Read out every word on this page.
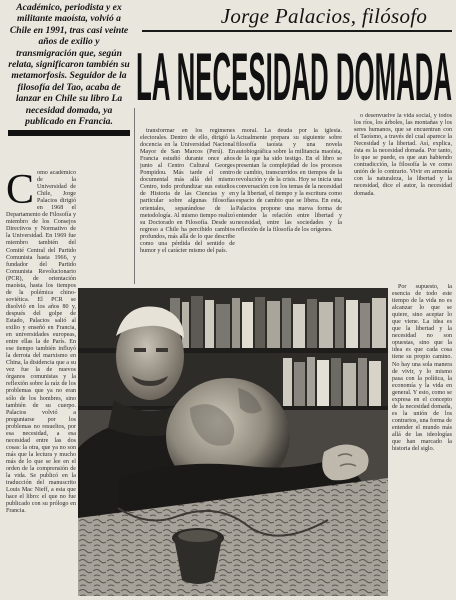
Académico, periodista y ex militante maoísta, volvió a Chile en 1991, tras casi veinte años de exilio y transmigración que, según relata, significaron también su metamorfosis. Seguidor de la filosofía del Tao, acaba de lanzar en Chile su libro La necesidad domada, ya publicado en Francia.
Jorge Palacios, filósofo
LA NECESIDAD DOMADA
C omo académico de la Universidad de Chile, Jorge Palacios dirigió en 1968 el Departamento de Filosofía y miembro de los Consejos Directivos y Normativo de la Universidad. En 1969 fue miembro también del Comité Central del Partido Comunista hasta 1966, y fundador del Partido Comunista Revolucionario (PCR), de orientación maoísta, hasta los tiempos de la polémica chino-soviética. El PCR se disolvió en los años 80 y, después del golpe de Estado, Palacios salió al exilio y enseñó en Francia, en universidades europeas, entre ellas la de París. En ese tiempo también influyó la derrota del marxismo en China, la disidencia que a su vez fue la de nuevos órganos comunistas y la reflexión sobre la raíz de los problemas que ya no eran sólo de los hombres, sino también de su cuerpo. Palacios volvió a preguntarse por los problemas no resueltos, por esa necesidad, a esa necesidad entre las dos cosas: la otra, que ya no son más que la lectura y mucho más de lo que se lee en el orden de la comprensión de la vida. Se publicó en la traducción del manuscrito Louis Mac Nieff, a esta que hace el libro: el que no fue publicado con su prólogo en Francia.

transformar en los regímenes electorales. Dentro de ello, dirigió la docencia en la Universidad Nacional Mayor de San Marcos (Perú). En Francia estudió durante once años junto al Centro Cultural Georges Pompidou. Más tarde el centro documental más allá del mismo Centro, todo profundizar sus estudios de Historia de las Ciencias y en particular sobre algunas filosofías orientales, separándose de la metodología. Al mismo tiempo realizó su Doctorado en Filosofía. Desde su regreso a Chile ha percibido cambios profundos, más allá de lo que describe como una pérdida del sentido de humor y el carácter mismo del país.

moral. La deuda por la iglesia. Actualmente prepara su siguiente sobre filosofía taoísta y una novela autobiográfica sobre la militancia maoísta, de la que ha sido testigo. En el libro se presentan la complejidad de los procesos de cambio, transcurridos en tiempos de la revolución y de la crisis. Hoy se inicia una conversación con los temas de la necesidad y la libertad, el tiempo y la escritura como espacio de cambio que se libera. En esta, Palacios propone una nueva forma de entender la relación entre libertad y necesidad, entre las sociedades y la reflexión de la filosofía de los orígenes.

o desenvuelve la vida social, y todos los ríos, los árboles, las montañas y los seres humanos, que se encuentran con el Taoísmo, a través del cual aparece la Necesidad y la libertad. Así, explica, ésta es la necesidad domada. Por tanto, lo que se puede, es que aun habiendo contradicción, la filosofía la ve como unión de lo contrario. Vivir en armonía con la naturaleza, la libertad y la necesidad, dice el autor, la necesidad domada.

Por supuesto, la esencia de todo este tiempo de la vida no es alcanzar lo que se quiere, sino aceptar lo que viene. La idea es que la libertad y la necesidad no son opuestas, sino que la idea es que cada cosa tiene su propio camino. No hay una sola manera de vivir, y lo mismo pasa con la política, la economía y la vida en general. Y esto, como se expresa en el concepto de la necesidad domada, es la unión de los contrarios, una forma de entender el mundo más allá de las ideologías que han marcado la historia del siglo.
